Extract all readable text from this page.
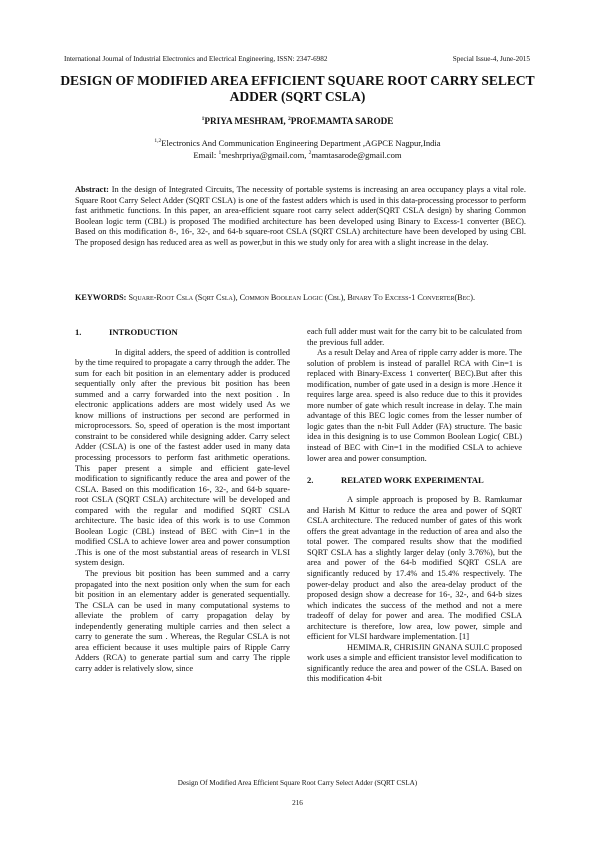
International Journal of Industrial Electronics and Electrical Engineering, ISSN: 2347-6982	Special Issue-4, June-2015
DESIGN OF MODIFIED AREA EFFICIENT SQUARE ROOT CARRY SELECT ADDER (SQRT CSLA)
$^1$PRIYA MESHRAM, $^2$PROF.MAMTA SARODE
$^{1,2}$Electronics And Communication Engineering Department ,AGPCE Nagpur,India
Email: $^1$meshrpriya@gmail.com, $^2$mamtasarode@gmail.com

Abstract: In the design of Integrated Circuits, The necessity of portable systems is increasing an area occupancy plays a vital role. Square Root Carry Select Adder (SQRT CSLA) is one of the fastest adders which is used in this data-processing processor to perform fast arithmetic functions. In this paper, an area-efficient square root carry select adder(SQRT CSLA design) by sharing Common Boolean logic term (CBL) is proposed The modified architecture has been developed using Binary to Excess-1 converter (BEC). Based on this modification 8-, 16-, 32-, and 64-b square-root CSLA (SQRT CSLA) architecture have been developed by using CBl. The proposed design has reduced area as well as power,but in this we study only for area with a slight increase in the delay.

KEYWORDS: Square-Root Csla (Sqrt Csla), Common Boolean Logic (Cbl), Binary To Excess-1 Converter(Bec).

1.	INTRODUCTION

In digital adders, the speed of addition is controlled by the time required to propagate a carry through the adder. The sum for each bit position in an elementary adder is produced sequentially only after the previous bit position has been summed and a carry forwarded into the next position . In electronic applications adders are most widely used As we know millions of instructions per second are performed in microprocessors. So, speed of operation is the most important constraint to be considered while designing adder. Carry select Adder (CSLA) is one of the fastest adder used in many data processing processors to perform fast arithmetic operations. This paper present a simple and efficient gate-level modification to significantly reduce the area and power of the CSLA. Based on this modification 16-, 32-, and 64-b square-root CSLA (SQRT CSLA) architecture will be developed and compared with the regular and modified SQRT CSLA architecture. The basic idea of this work is to use Common Boolean Logic (CBL) instead of BEC with Cin=1 in the modified CSLA to achieve lower area and power consumption .This is one of the most substantial areas of research in VLSI system design.

The previous bit position has been summed and a carry propagated into the next position only when the sum for each bit position in an elementary adder is generated sequentially. The CSLA can be used in many computational systems to alleviate the problem of carry propagation delay by independently generating multiple carries and then select a carry to generate the sum . Whereas, the Regular CSLA is not area efficient because it uses multiple pairs of Ripple Carry Adders (RCA) to generate partial sum and carry The ripple carry adder is relatively slow, since

each full adder must wait for the carry bit to be calculated from the previous full adder.

As a result Delay and Area of ripple carry adder is more. The solution of problem is instead of parallel RCA with Cin=1 is replaced with Binary-Excess 1 converter( BEC).But after this modification, number of gate used in a design is more .Hence it requires large area. speed is also reduce due to this it provides more number of gate which result increase in delay. T.he main advantage of this BEC logic comes from the lesser number of logic gates than the n-bit Full Adder (FA) structure. The basic idea in this designing is to use Common Boolean Logic( CBL) instead of BEC with Cin=1 in the modified CSLA to achieve lower area and power consumption.

2.	RELATED WORK EXPERIMENTAL

A simple approach is proposed by B. Ramkumar and Harish M Kittur to reduce the area and power of SQRT CSLA architecture. The reduced number of gates of this work offers the great advantage in the reduction of area and also the total power. The compared results show that the modified SQRT CSLA has a slightly larger delay (only 3.76%), but the area and power of the 64-b modified SQRT CSLA are significantly reduced by 17.4% and 15.4% respectively. The power-delay product and also the area-delay product of the proposed design show a decrease for 16-, 32-, and 64-b sizes which indicates the success of the method and not a mere tradeoff of delay for power and area. The modified CSLA architecture is therefore, low area, low power, simple and efficient for VLSI hardware implementation. [1]

HEMIMA.R, CHRISJIN GNANA SUJI.C proposed work uses a simple and efficient transistor level modification to significantly reduce the area and power of the CSLA. Based on this modification 4-bit

Design Of Modified Area Efficient Square Root Carry Select Adder (SQRT CSLA)
216
